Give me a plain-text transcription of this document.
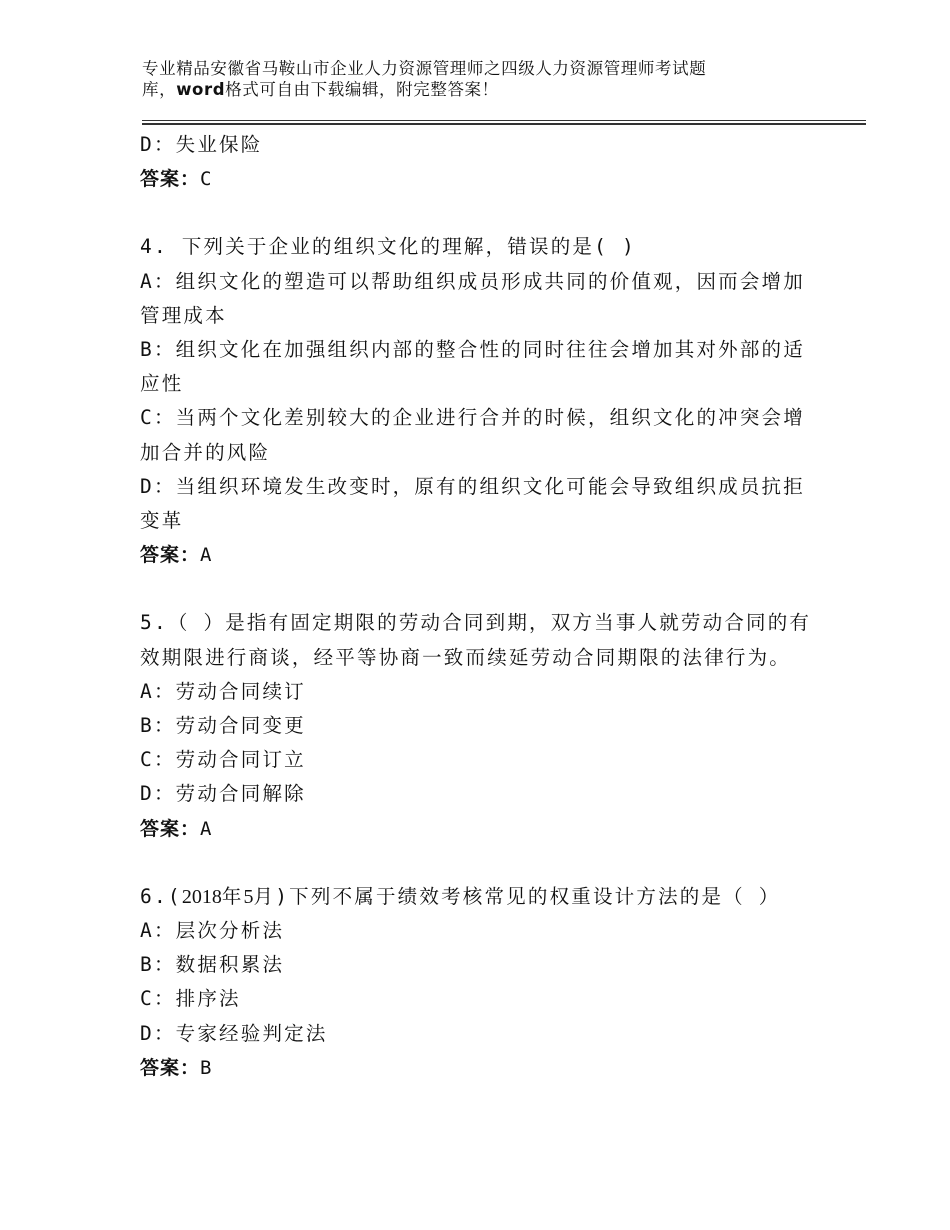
专业精品安徽省马鞍山市企业人力资源管理师之四级人力资源管理师考试题
库，word格式可自由下载编辑，附完整答案！
D：失业保险
答案：C
4. 下列关于企业的组织文化的理解，错误的是( )
A：组织文化的塑造可以帮助组织成员形成共同的价值观，因而会增加
管理成本
B：组织文化在加强组织内部的整合性的同时往往会增加其对外部的适
应性
C：当两个文化差别较大的企业进行合并的时候，组织文化的冲突会增
加合并的风险
D：当组织环境发生改变时，原有的组织文化可能会导致组织成员抗拒
变革
答案：A
5.（ ）是指有固定期限的劳动合同到期，双方当事人就劳动合同的有
效期限进行商谈，经平等协商一致而续延劳动合同期限的法律行为。
A：劳动合同续订
B：劳动合同变更
C：劳动合同订立
D：劳动合同解除
答案：A
6.(2018年5月)下列不属于绩效考核常见的权重设计方法的是（ ）
A：层次分析法
B：数据积累法
C：排序法
D：专家经验判定法
答案：B
